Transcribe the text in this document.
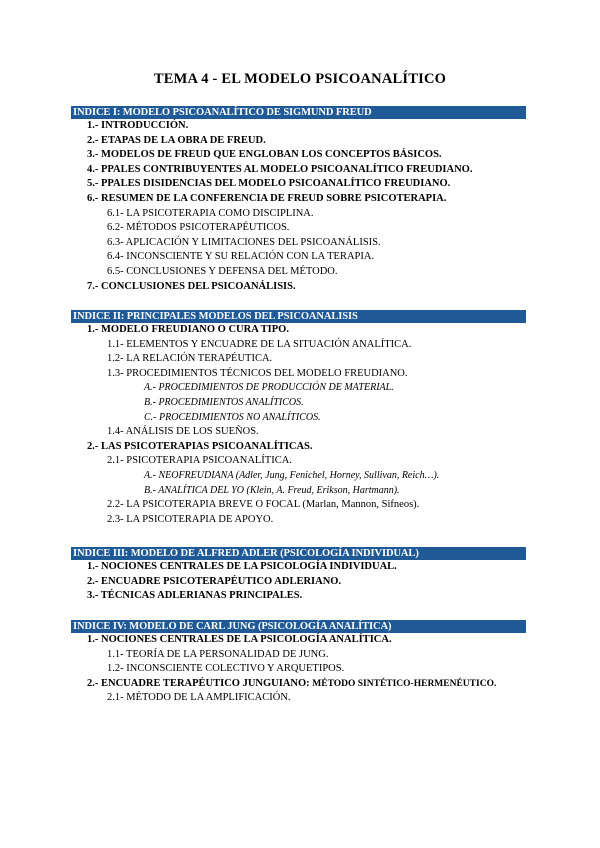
TEMA 4 - EL MODELO PSICOANALÍTICO
INDICE I: MODELO PSICOANALÍTICO DE SIGMUND FREUD
1.- INTRODUCCIÓN.
2.- ETAPAS DE LA OBRA DE FREUD.
3.- MODELOS DE FREUD QUE ENGLOBAN LOS CONCEPTOS BÁSICOS.
4.- PPALES CONTRIBUYENTES AL MODELO PSICOANALÍTICO FREUDIANO.
5.- PPALES DISIDENCIAS DEL MODELO PSICOANALÍTICO FREUDIANO.
6.- RESUMEN DE LA CONFERENCIA DE FREUD SOBRE PSICOTERAPIA.
6.1- LA PSICOTERAPIA COMO DISCIPLINA.
6.2- MÉTODOS PSICOTERAPÉUTICOS.
6.3- APLICACIÓN Y LIMITACIONES DEL PSICOANÁLISIS.
6.4- INCONSCIENTE Y SU RELACIÓN CON LA TERAPIA.
6.5- CONCLUSIONES Y DEFENSA DEL MÉTODO.
7.- CONCLUSIONES DEL PSICOANÁLISIS.
INDICE II: PRINCIPALES MODELOS DEL PSICOANALISIS
1.- MODELO FREUDIANO O CURA TIPO.
1.1- ELEMENTOS Y ENCUADRE DE LA SITUACIÓN ANALÍTICA.
1.2- LA RELACIÓN TERAPÉUTICA.
1.3- PROCEDIMIENTOS TÉCNICOS DEL MODELO FREUDIANO.
A.- PROCEDIMIENTOS DE PRODUCCIÓN DE MATERIAL.
B.- PROCEDIMIENTOS ANALÍTICOS.
C.- PROCEDIMIENTOS NO ANALÍTICOS.
1.4- ANÁLISIS DE LOS SUEÑOS.
2.- LAS PSICOTERAPIAS PSICOANALÍTICAS.
2.1- PSICOTERAPIA PSICOANALÍTICA.
A.- NEOFREUDIANA (Adler, Jung, Fenichel, Horney, Sullivan, Reich…).
B.- ANALÍTICA DEL YO (Klein, A. Freud, Erikson, Hartmann).
2.2- LA PSICOTERAPIA BREVE O FOCAL (Marlan, Mannon, Sifneos).
2.3- LA PSICOTERAPIA DE APOYO.
INDICE III: MODELO DE ALFRED ADLER (PSICOLOGÍA INDIVIDUAL)
1.- NOCIONES CENTRALES DE LA PSICOLOGÍA INDIVIDUAL.
2.- ENCUADRE PSICOTERAPÉUTICO ADLERIANO.
3.- TÉCNICAS ADLERIANAS PRINCIPALES.
INDICE IV: MODELO DE CARL JUNG (PSICOLOGÍA ANALÍTICA)
1.- NOCIONES CENTRALES DE LA PSICOLOGÍA ANALÍTICA.
1.1- TEORÍA DE LA PERSONALIDAD DE JUNG.
1.2- INCONSCIENTE COLECTIVO Y ARQUETIPOS.
2.- ENCUADRE TERAPÉUTICO JUNGUIANO: MÉTODO SINTÉTICO-HERMENÉUTICO.
2.1- MÉTODO DE LA AMPLIFICACIÓN.
